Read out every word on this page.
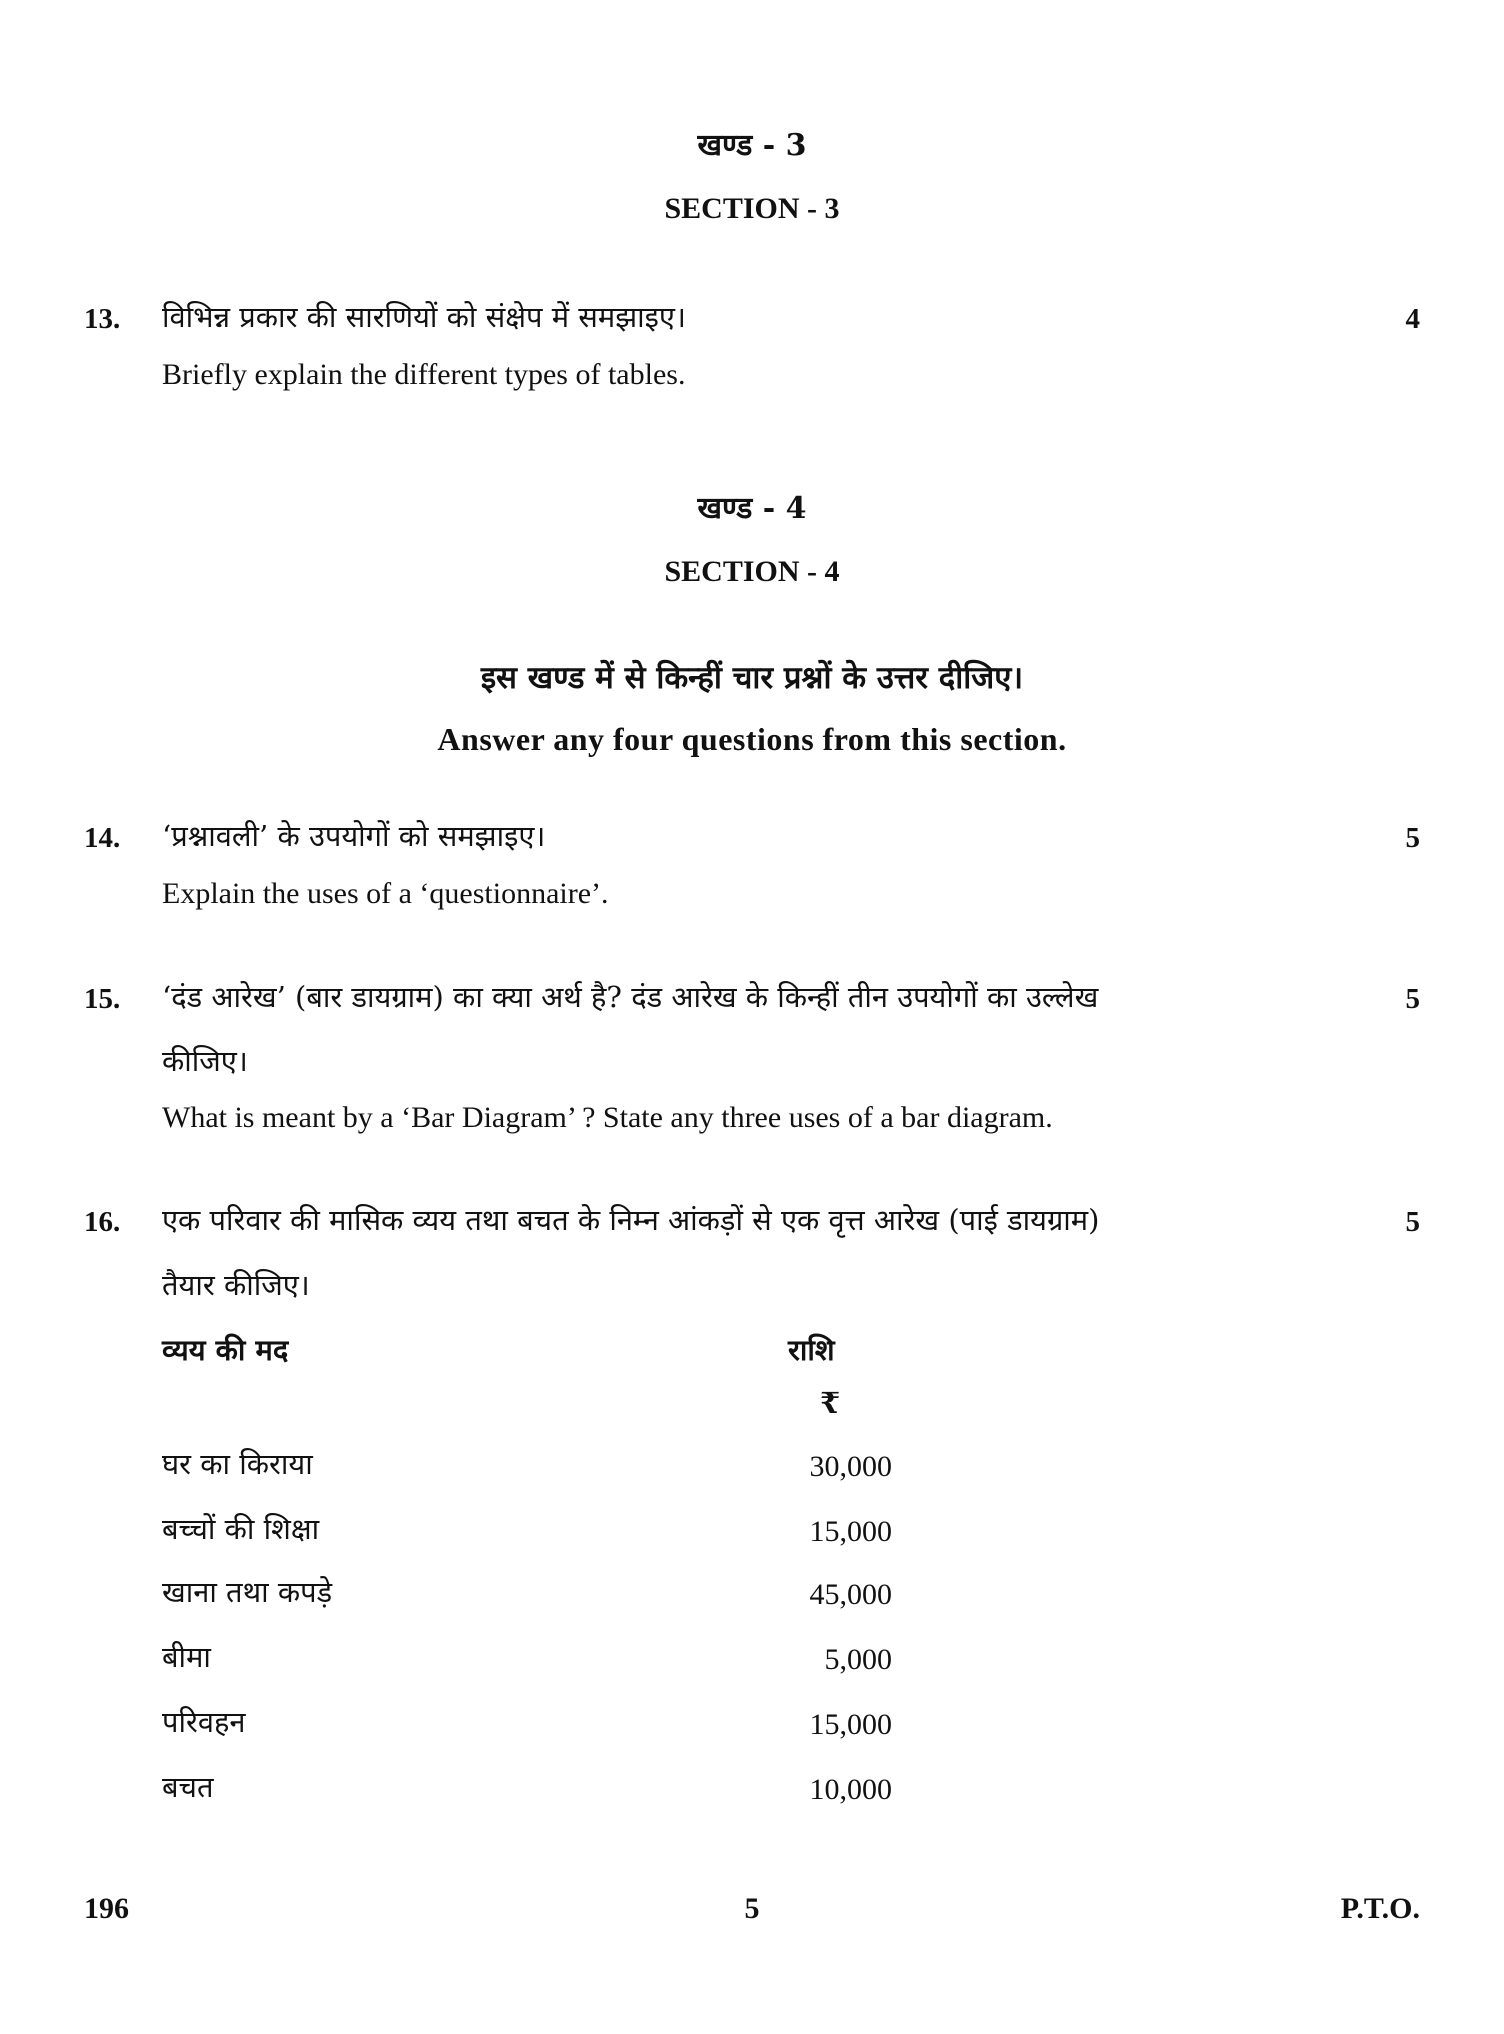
खण्ड - 3
SECTION - 3
13. विभिन्न प्रकार की सारणियों को संक्षेप में समझाइए।	4
Briefly explain the different types of tables.
खण्ड - 4
SECTION - 4
इस खण्ड में से किन्हीं चार प्रश्नों के उत्तर दीजिए।
Answer any four questions from this section.
14. ‘प्रश्नावली’ के उपयोगों को समझाइए।	5
Explain the uses of a ‘questionnaire’.
15. ‘दंड आरेख’ (बार डायग्राम) का क्या अर्थ है? दंड आरेख के किन्हीं तीन उपयोगों का उल्लेख	5
कीजिए।
What is meant by a ‘Bar Diagram’ ? State any three uses of a bar diagram.
16. एक परिवार की मासिक व्यय तथा बचत के निम्न आंकड़ों से एक वृत्त आरेख (पाई डायग्राम)	5
तैयार कीजिए।
व्यय की मद	राशि
₹
घर का किराया	30,000
बच्चों की शिक्षा	15,000
खाना तथा कपड़े	45,000
बीमा	5,000
परिवहन	15,000
बचत	10,000
196	5	P.T.O.
